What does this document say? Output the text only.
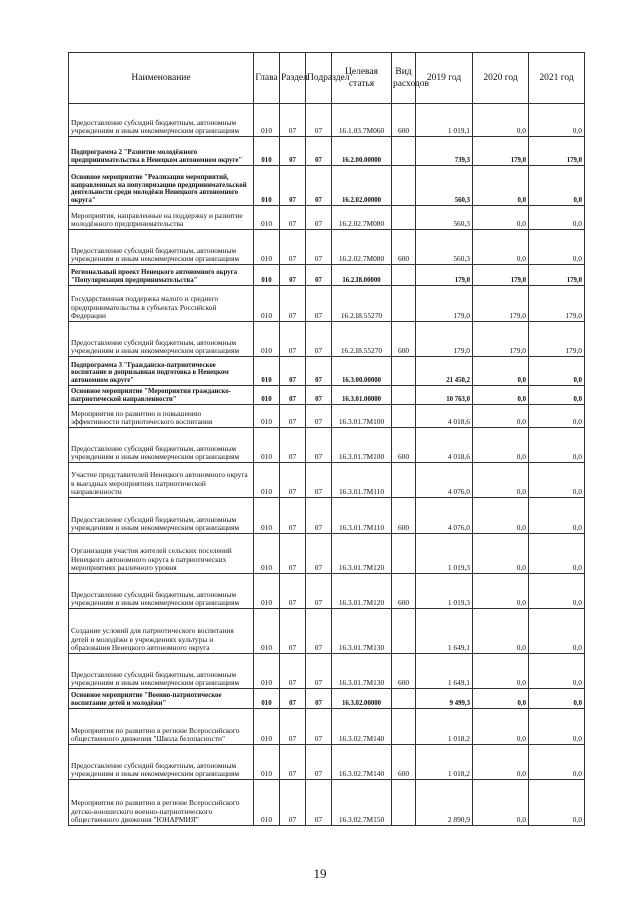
Наименование	Глава	Раздел	Подраздел	Целевая статья	Вид расходов	2019 год	2020 год	2021 год
Предоставление субсидий бюджетным, автономным учреждениям и иным некоммерческим организациям	010	07	07	16.1.03.7М060	600	1 019,1	0,0	0,0
Подпрограмма 2 "Развитие молодёжного предпринимательства в Ненецком автономном округе"	010	07	07	16.2.00.00000		739,3	179,0	179,0
Основное мероприятие "Реализация мероприятий, направленных на популяризацию предпринимательской деятельности среди молодёжи Ненецкого автономного округа"	010	07	07	16.2.02.00000		560,3	0,0	0,0
Мероприятия, направленные на поддержку и развитие молодёжного предпринимательства	010	07	07	16.2.02.7М080		560,3	0,0	0,0
Предоставление субсидий бюджетным, автономным учреждениям и иным некоммерческим организациям	010	07	07	16.2.02.7М080	600	560,3	0,0	0,0
Региональный проект Ненецкого автономного округа "Популяризация предпринимательства"	010	07	07	16.2.I8.00000		179,0	179,0	179,0
Государственная поддержка малого и среднего предпринимательства в субъектах Российской Федерации	010	07	07	16.2.I8.55270		179,0	179,0	179,0
Предоставление субсидий бюджетным, автономным учреждениям и иным некоммерческим организациям	010	07	07	16.2.I8.55270	600	179,0	179,0	179,0
Подпрограмма 3 "Гражданско-патриотическое воспитание и допризывная подготовка в Ненецком автономном округе"	010	07	07	16.3.00.00000		21 450,2	0,0	0,0
Основное мероприятие "Мероприятия гражданско-патриотической направленности"	010	07	07	16.3.01.00000		10 763,0	0,0	0,0
Мероприятия по развитию и повышению эффективности патриотического воспитания	010	07	07	16.3.01.7М100		4 018,6	0,0	0,0
Предоставление субсидий бюджетным, автономным учреждениям и иным некоммерческим организациям	010	07	07	16.3.01.7М100	600	4 018,6	0,0	0,0
Участие представителей Ненецкого автономного округа в выездных мероприятиях патриотической направленности	010	07	07	16.3.01.7М110		4 076,0	0,0	0,0
Предоставление субсидий бюджетным, автономным учреждениям и иным некоммерческим организациям	010	07	07	16.3.01.7М110	600	4 076,0	0,0	0,0
Организация участия жителей сельских поселений Ненецкого автономного округа в патриотических мероприятиях различного уровня	010	07	07	16.3.01.7М120		1 019,3	0,0	0,0
Предоставление субсидий бюджетным, автономным учреждениям и иным некоммерческим организациям	010	07	07	16.3.01.7М120	600	1 019,3	0,0	0,0
Создание условий для патриотического воспитания детей и молодёжи в учреждениях культуры и образования Ненецкого автономного округа	010	07	07	16.3.01.7М130		1 649,1	0,0	0,0
Предоставление субсидий бюджетным, автономным учреждениям и иным некоммерческим организациям	010	07	07	16.3.01.7М130	600	1 649,1	0,0	0,0
Основное мероприятие "Военно-патриотическое воспитание детей и молодёжи"	010	07	07	16.3.02.00000		9 499,3	0,0	0,0
Мероприятия по развитию в регионе Всероссийского общественного движения "Школа безопасности"	010	07	07	16.3.02.7М140		1 018,2	0,0	0,0
Предоставление субсидий бюджетным, автономным учреждениям и иным некоммерческим организациям	010	07	07	16.3.02.7М140	600	1 018,2	0,0	0,0
Мероприятия по развитию в регионе Всероссийского детско-юношеского военно-патриотического общественного движения "ЮНАРМИЯ"	010	07	07	16.3.02.7М150		2 890,9	0,0	0,0
19
